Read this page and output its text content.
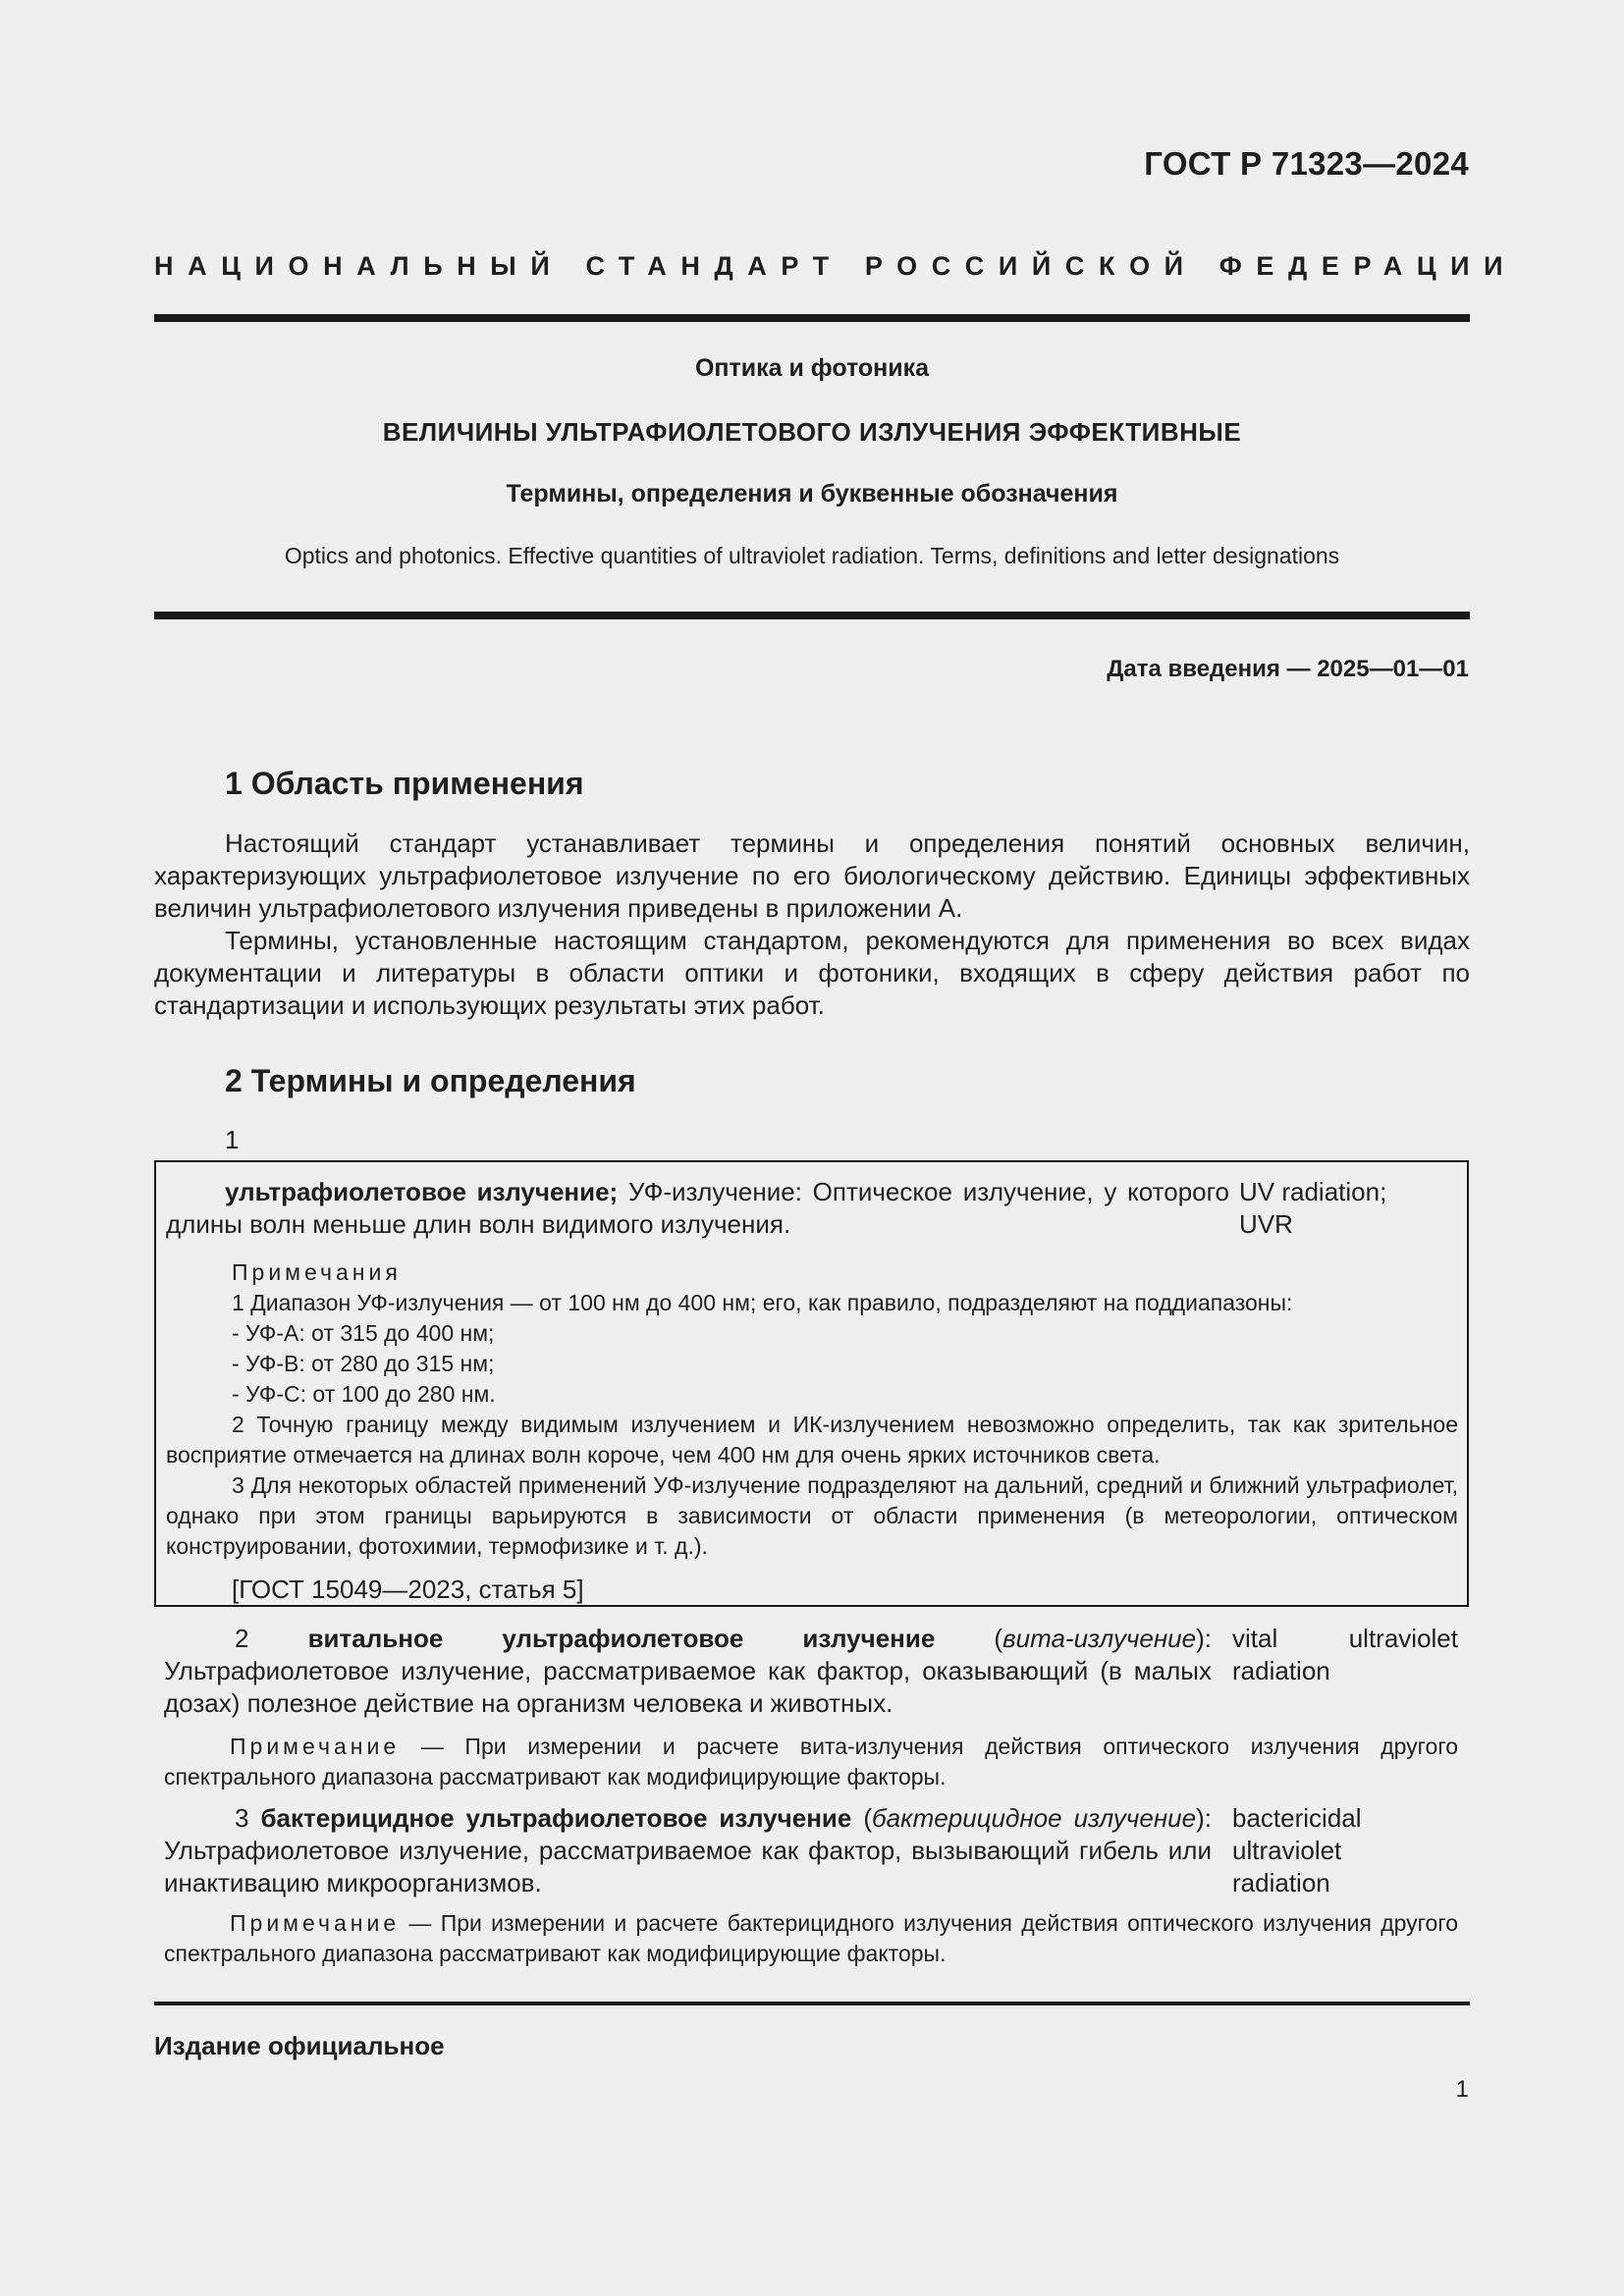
ГОСТ Р 71323—2024
НАЦИОНАЛЬНЫЙ СТАНДАРТ РОССИЙСКОЙ ФЕДЕРАЦИИ
Оптика и фотоника
ВЕЛИЧИНЫ УЛЬТРАФИОЛЕТОВОГО ИЗЛУЧЕНИЯ ЭФФЕКТИВНЫЕ
Термины, определения и буквенные обозначения
Optics and photonics. Effective quantities of ultraviolet radiation. Terms, definitions and letter designations
Дата введения — 2025—01—01
1 Область применения

Настоящий стандарт устанавливает термины и определения понятий основных величин, характеризующих ультрафиолетовое излучение по его биологическому действию. Единицы эффективных величин ультрафиолетового излучения приведены в приложении А.

Термины, установленные настоящим стандартом, рекомендуются для применения во всех видах документации и литературы в области оптики и фотоники, входящих в сферу действия работ по стандартизации и использующих результаты этих работ.

2 Термины и определения
1
ультрафиолетовое излучение; УФ-излучение: Оптическое излучение, у которого длины волн меньше длин волн видимого излучения.
UV radiation;
UVR
Примечания
1 Диапазон УФ-излучения — от 100 нм до 400 нм; его, как правило, подразделяют на поддиапазоны:
- УФ-А: от 315 до 400 нм;
- УФ-В: от 280 до 315 нм;
- УФ-С: от 100 до 280 нм.
2 Точную границу между видимым излучением и ИК-излучением невозможно определить, так как зрительное восприятие отмечается на длинах волн короче, чем 400 нм для очень ярких источников света.
3 Для некоторых областей применений УФ-излучение подразделяют на дальний, средний и ближний ультрафиолет, однако при этом границы варьируются в зависимости от области применения (в метеорологии, оптическом конструировании, фотохимии, термофизике и т. д.).
[ГОСТ 15049—2023, статья 5]
2 витальное ультрафиолетовое излучение (вита-излучение): Ультрафиолетовое излучение, рассматриваемое как фактор, оказывающий (в малых дозах) полезное действие на организм человека и животных.
vital	ultraviolet
radiation
Примечание — При измерении и расчете вита-излучения действия оптического излучения другого спектрального диапазона рассматривают как модифицирующие факторы.
3 бактерицидное ультрафиолетовое излучение (бактерицидное излучение): Ультрафиолетовое излучение, рассматриваемое как фактор, вызывающий гибель или инактивацию микроорганизмов.
bactericidal
ultraviolet
radiation
Примечание — При измерении и расчете бактерицидного излучения действия оптического излучения другого спектрального диапазона рассматривают как модифицирующие факторы.
Издание официальное
1
